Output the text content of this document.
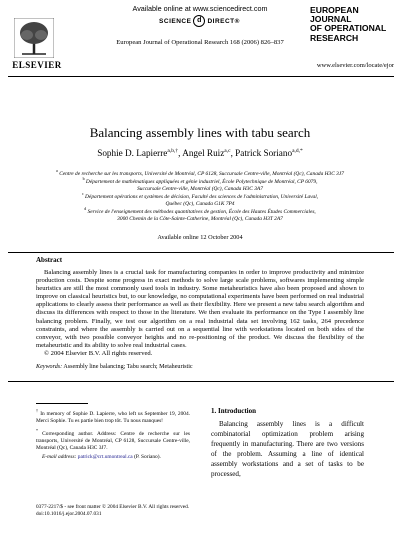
ELSEVIER
Available online at www.sciencedirect.com
SCIENCE d DIRECT®
European Journal of Operational Research 168 (2006) 826–837
EUROPEAN
JOURNAL
OF OPERATIONAL
RESEARCH
www.elsevier.com/locate/ejor
Balancing assembly lines with tabu search
Sophie D. Lapierre$^{a,b,\dagger}$, Angel Ruiz$^{a,c}$, Patrick Soriano$^{a,d,*}$
$^a$ Centre de recherche sur les transports, Université de Montréal, CP 6128, Succursale Centre-ville, Montréal (Qc), Canada H3C 3J7
$^b$ Département de mathématiques appliquées et génie industriel, École Polytechnique de Montréal, CP 6079,
Succursale Centre-ville, Montréal (Qc), Canada H3C 3A7
$^c$ Département opérations et systèmes de décision, Faculté des sciences de l'administration, Université Laval,
Québec (Qc), Canada G1K 7P4
$^d$ Service de l'enseignement des méthodes quantitatives de gestion, École des Hautes Études Commerciales,
3000 Chemin de la Côte-Sainte-Catherine, Montréal (Qc), Canada H3T 2A7
Available online 12 October 2004
Abstract
Balancing assembly lines is a crucial task for manufacturing companies in order to improve productivity and minimize production costs. Despite some progress in exact methods to solve large scale problems, softwares implementing simple heuristics are still the most commonly used tools in industry. Some metaheuristics have also been proposed and shown to improve on classical heuristics but, to our knowledge, no computational experiments have been performed on real industrial applications to clearly assess their performance as well as their flexibility. Here we present a new tabu search algorithm and discuss its differences with respect to those in the literature. We then evaluate its performance on the Type I assembly line balancing problem. Finally, we test our algorithm on a real industrial data set involving 162 tasks, 264 precedence constraints, and where the assembly is carried out on a sequential line with workstations located on both sides of the conveyor, with two possible conveyor heights and no re-positioning of the product. We discuss the flexibility of the metaheuristic and its ability to solve real industrial cases.
© 2004 Elsevier B.V. All rights reserved.
Keywords: Assembly line balancing; Tabu search; Metaheuristic
† In memory of Sophie D. Lapierre, who left us September 19, 2004. Merci Sophie. Tu es partie bien trop tôt. Tu nous manques!
* Corresponding author. Address: Centre de recherche sur les transports, Université de Montréal, CP 6128, Succursale Centre-ville, Montréal (Qc), Canada H3C 3J7.
E-mail address: patrick@crt.umontreal.ca (P. Soriano).
1. Introduction
Balancing assembly lines is a difficult combinatorial optimization problem arising frequently in manufacturing. There are two versions of the problem. Assuming a line of identical assembly workstations and a set of tasks to be processed,
0377-2217/$ - see front matter © 2004 Elsevier B.V. All rights reserved.
doi:10.1016/j.ejor.2004.07.031
